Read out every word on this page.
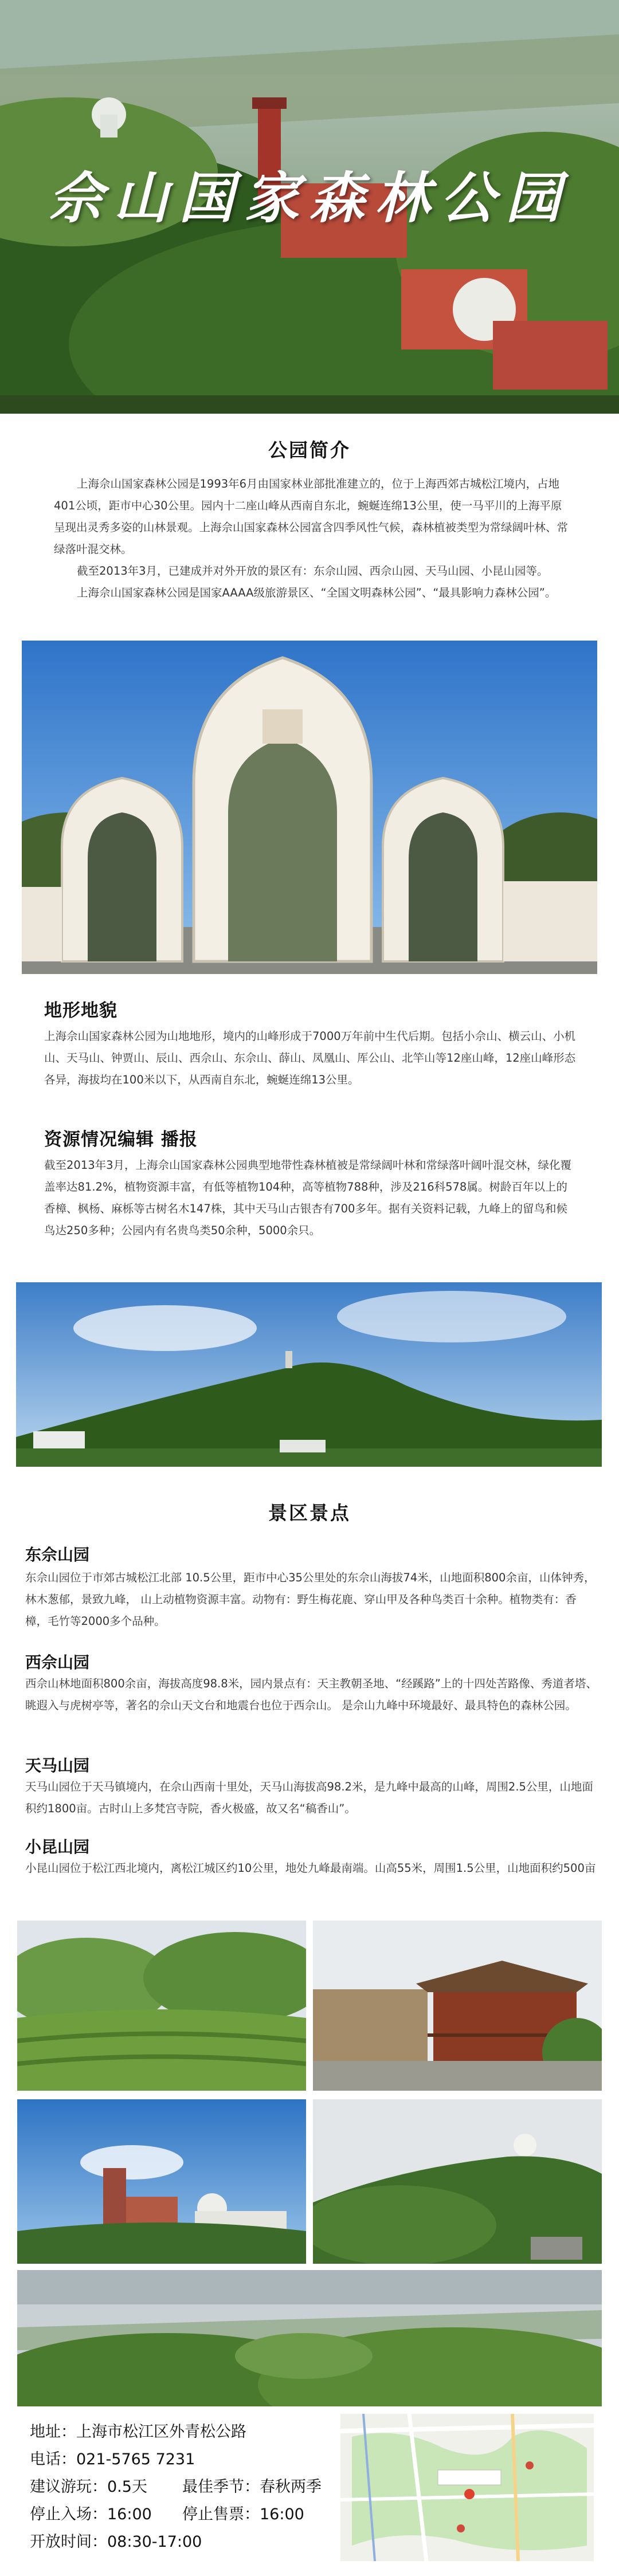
佘山国家森林公园
公园简介

上海佘山国家森林公园是1993年6月由国家林业部批准建立的，位于上海西郊古城松江境内，占地401公顷，距市中心30公里。园内十二座山峰从西南自东北，蜿蜒连绵13公里，使一马平川的上海平原呈现出灵秀多姿的山林景观。上海佘山国家森林公园富含四季风性气候，森林植被类型为常绿阔叶林、常绿落叶混交林。

截至2013年3月，已建成并对外开放的景区有：东佘山园、西佘山园、天马山园、小昆山园等。

上海佘山国家森林公园是国家AAAA级旅游景区、“全国文明森林公园”、“最具影响力森林公园”。

地形地貌
上海佘山国家森林公园为山地地形，境内的山峰形成于7000万年前中生代后期。包括小佘山、横云山、小机山、天马山、钟贾山、辰山、西佘山、东佘山、薛山、凤凰山、厍公山、北竿山等12座山峰，12座山峰形态各异，海拔均在100米以下，从西南自东北，蜿蜒连绵13公里。
资源情况编辑 播报
截至2013年3月，上海佘山国家森林公园典型地带性森林植被是常绿阔叶林和常绿落叶阔叶混交林，绿化覆盖率达81.2%，植物资源丰富，有低等植物104种，高等植物788种，涉及216科578属。树龄百年以上的香樟、枫杨、麻栎等古树名木147株，其中天马山古银杏有700多年。据有关资料记载，九峰上的留鸟和候鸟达250多种；公园内有名贵鸟类50余种，5000余只。
景区景点
东佘山园
东佘山园位于市郊古城松江北部 10.5公里，距市中心35公里处的东佘山海拔74米，山地面积800余亩，山体钟秀，林木葱郁，景致九峰， 山上动植物资源丰富。动物有：野生梅花鹿、穿山甲及各种鸟类百十余种。植物类有：香樟，毛竹等2000多个品种。
西佘山园
西佘山林地面积800余亩，海拔高度98.8米，园内景点有：天主教朝圣地、“经蹊路”上的十四处苦路像、秀道者塔、眺遐入与虎树亭等，著名的佘山天文台和地震台也位于西佘山。 是佘山九峰中环境最好、最具特色的森林公园。
天马山园
天马山园位于天马镇境内，在佘山西南十里处，天马山海拔高98.2米，是九峰中最高的山峰，周围2.5公里，山地面积约1800亩。古时山上多梵宫寺院，香火极盛，故又名“稿香山”。
小昆山园
小昆山园位于松江西北境内，离松江城区约10公里，地处九峰最南端。山高55米，周围1.5公里，山地面积约500亩
地址：上海市松江区外青松公路
电话：021-5765 7231
建议游玩：0.5天 最佳季节：春秋两季
停止入场：16:00 停止售票：16:00
开放时间：08:30-17:00
